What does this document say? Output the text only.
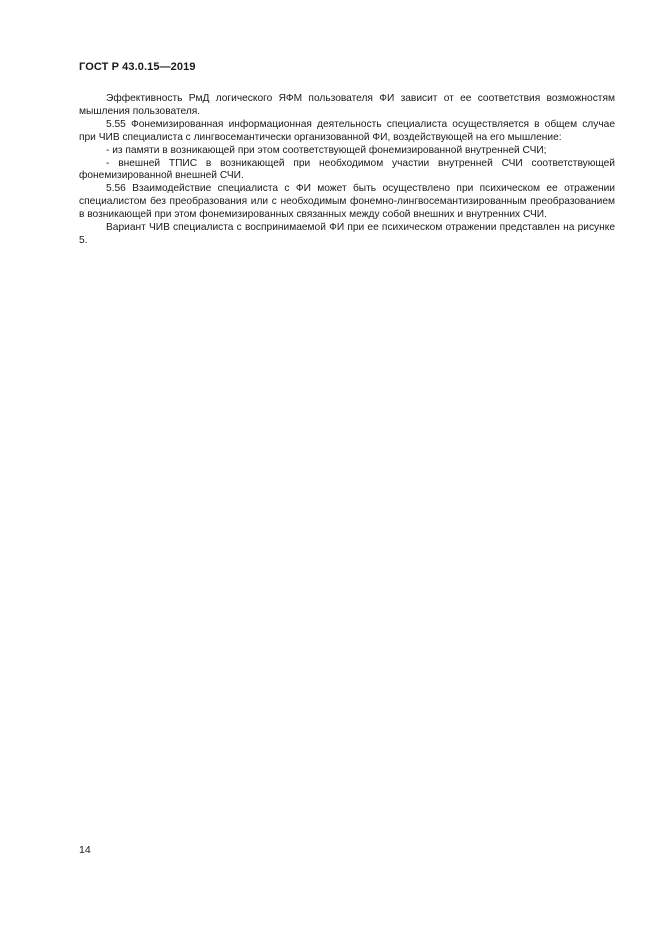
ГОСТ Р 43.0.15—2019

Эффективность РмД логического ЯФМ пользователя ФИ зависит от ее соответствия возможностям мышления пользователя.

5.55 Фонемизированная информационная деятельность специалиста осуществляется в общем случае при ЧИВ специалиста с лингвосемантически организованной ФИ, воздействующей на его мышление:

- из памяти в возникающей при этом соответствующей фонемизированной внутренней СЧИ;

- внешней ТПИС в возникающей при необходимом участии внутренней СЧИ соответствующей фонемизированной внешней СЧИ.

5.56 Взаимодействие специалиста с ФИ может быть осуществлено при психическом ее отражении специалистом без преобразования или с необходимым фонемно-лингвосемантизированным преобразованием в возникающей при этом фонемизированных связанных между собой внешних и внутренних СЧИ.

Вариант ЧИВ специалиста с воспринимаемой ФИ при ее психическом отражении представлен на рисунке 5.

14
